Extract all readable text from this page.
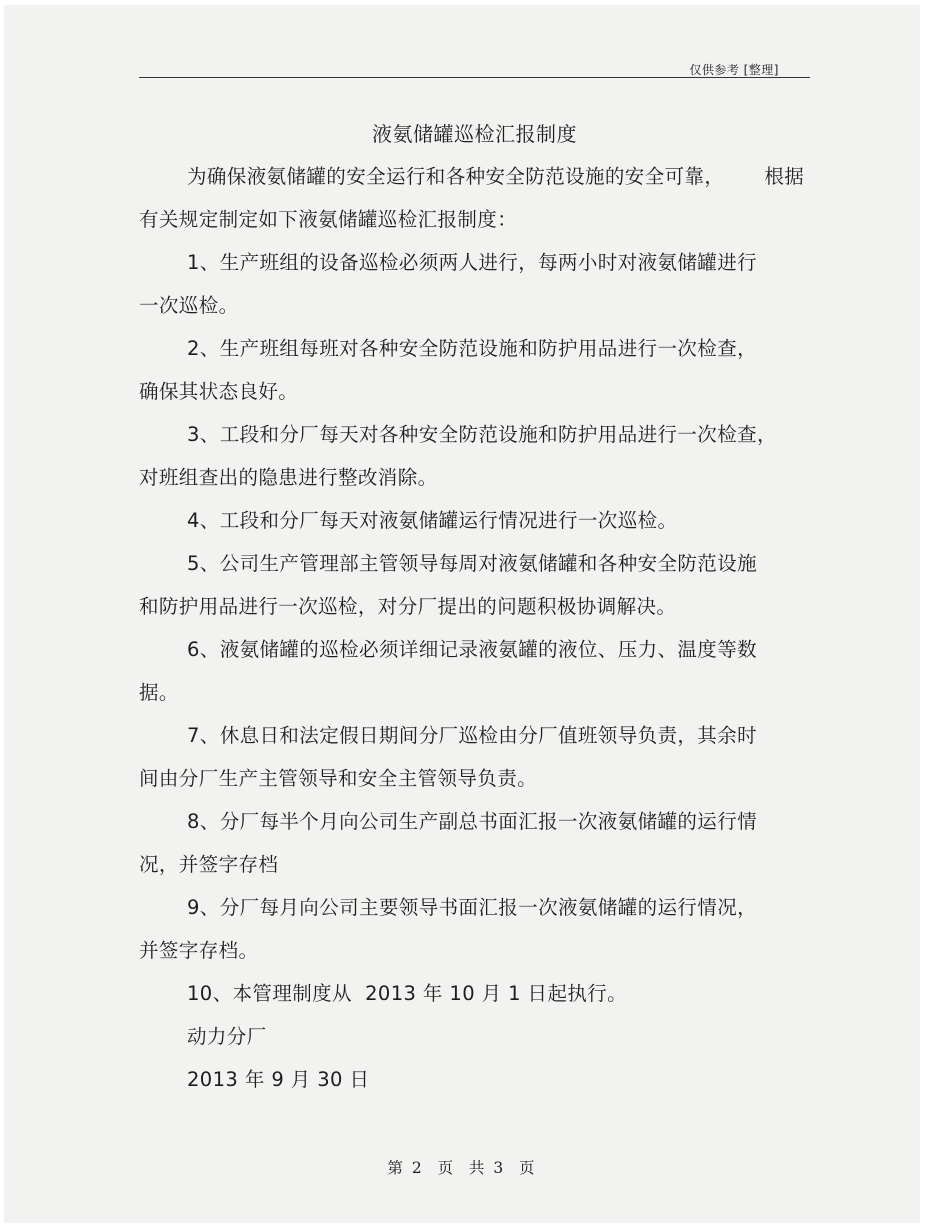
仅供参考 [整理]
液氨储罐巡检汇报制度
为确保液氨储罐的安全运行和各种安全防范设施的安全可靠， 根据
有关规定制定如下液氨储罐巡检汇报制度：
1、生产班组的设备巡检必须两人进行，每两小时对液氨储罐进行
一次巡检。
2、生产班组每班对各种安全防范设施和防护用品进行一次检查，
确保其状态良好。
3、工段和分厂每天对各种安全防范设施和防护用品进行一次检查，
对班组查出的隐患进行整改消除。
4、工段和分厂每天对液氨储罐运行情况进行一次巡检。
5、公司生产管理部主管领导每周对液氨储罐和各种安全防范设施
和防护用品进行一次巡检，对分厂提出的问题积极协调解决。
6、液氨储罐的巡检必须详细记录液氨罐的液位、压力、温度等数
据。
7、休息日和法定假日期间分厂巡检由分厂值班领导负责，其余时
间由分厂生产主管领导和安全主管领导负责。
8、分厂每半个月向公司生产副总书面汇报一次液氨储罐的运行情
况，并签字存档
9、分厂每月向公司主要领导书面汇报一次液氨储罐的运行情况，
并签字存档。
10、本管理制度从  2013 年 10 月 1 日起执行。
动力分厂
2013 年 9 月 30 日
第 2  页  共 3  页
